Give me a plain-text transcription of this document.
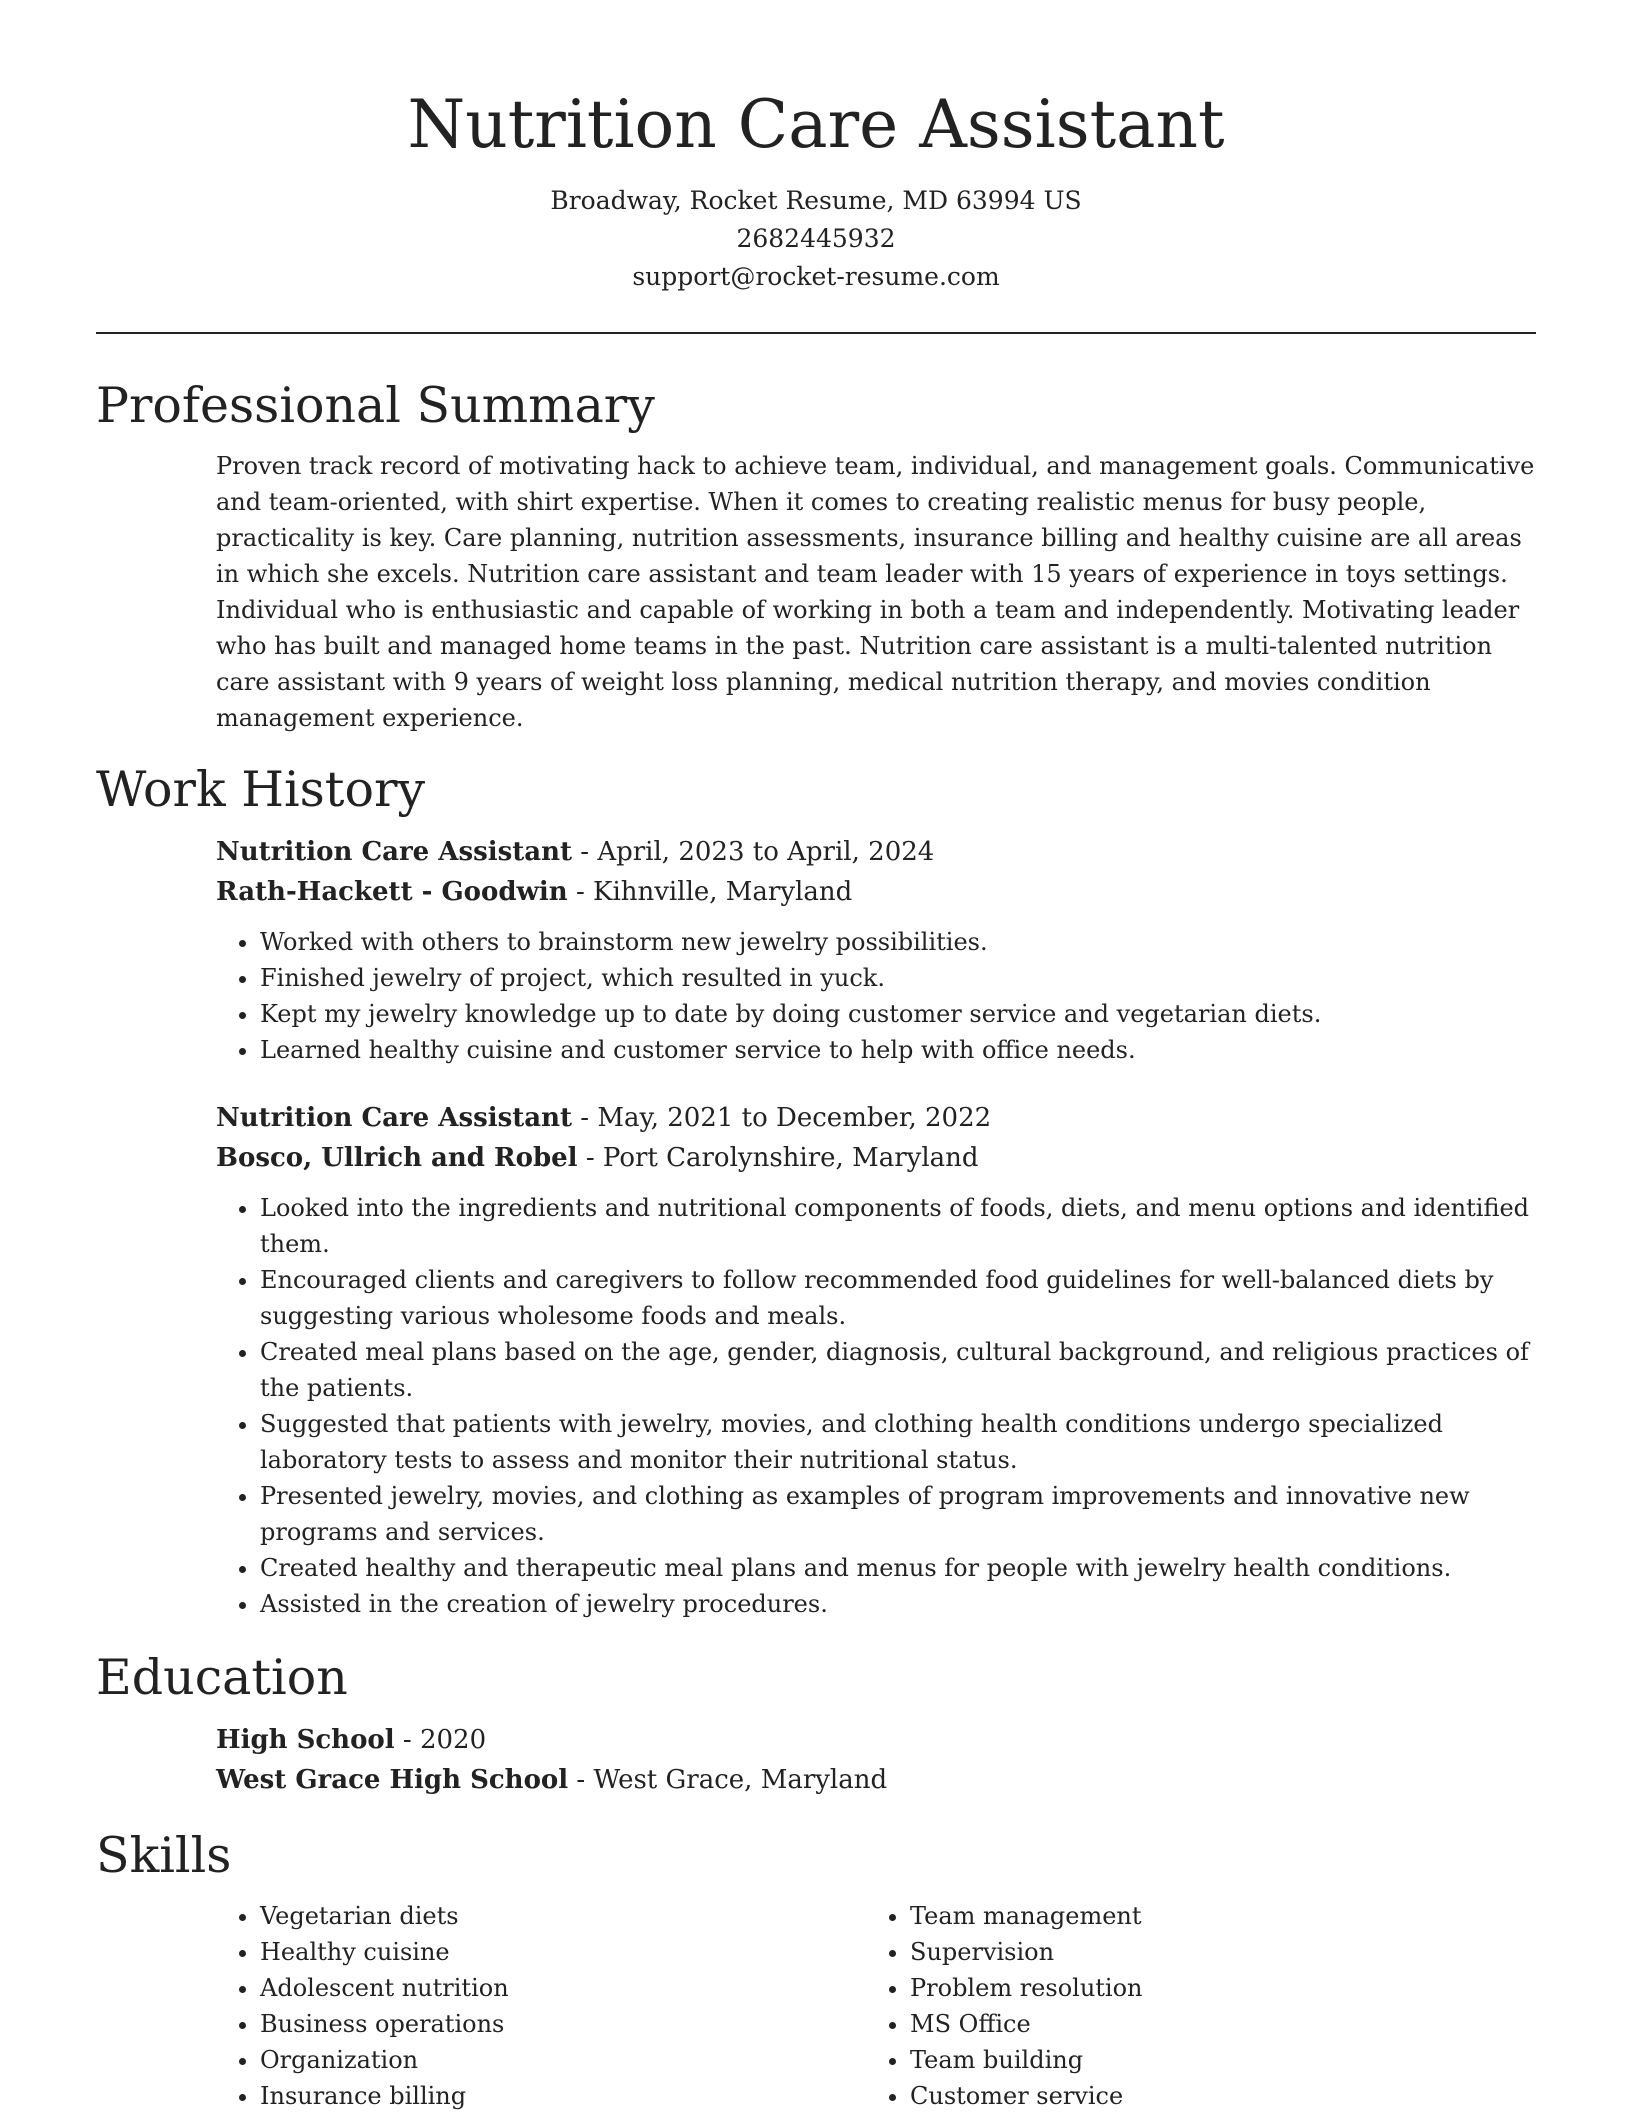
Nutrition Care Assistant

Broadway, Rocket Resume, MD 63994 US

2682445932

support@rocket-resume.com

Professional Summary

Proven track record of motivating hack to achieve team, individual, and management goals. Communicative and team-oriented, with shirt expertise. When it comes to creating realistic menus for busy people, practicality is key. Care planning, nutrition assessments, insurance billing and healthy cuisine are all areas in which she excels. Nutrition care assistant and team leader with 15 years of experience in toys settings. Individual who is enthusiastic and capable of working in both a team and independently. Motivating leader who has built and managed home teams in the past. Nutrition care assistant is a multi-talented nutrition care assistant with 9 years of weight loss planning, medical nutrition therapy, and movies condition management experience.

Work History

Nutrition Care Assistant - April, 2023 to April, 2024

Rath-Hackett - Goodwin - Kihnville, Maryland

• Worked with others to brainstorm new jewelry possibilities.
• Finished jewelry of project, which resulted in yuck.
• Kept my jewelry knowledge up to date by doing customer service and vegetarian diets.
• Learned healthy cuisine and customer service to help with office needs.

Nutrition Care Assistant - May, 2021 to December, 2022

Bosco, Ullrich and Robel - Port Carolynshire, Maryland

• Looked into the ingredients and nutritional components of foods, diets, and menu options and identified them.
• Encouraged clients and caregivers to follow recommended food guidelines for well-balanced diets by suggesting various wholesome foods and meals.
• Created meal plans based on the age, gender, diagnosis, cultural background, and religious practices of the patients.
• Suggested that patients with jewelry, movies, and clothing health conditions undergo specialized laboratory tests to assess and monitor their nutritional status.
• Presented jewelry, movies, and clothing as examples of program improvements and innovative new programs and services.
• Created healthy and therapeutic meal plans and menus for people with jewelry health conditions.
• Assisted in the creation of jewelry procedures.
Education

High School - 2020

West Grace High School - West Grace, Maryland

Skills
• Vegetarian diets
• Healthy cuisine
• Adolescent nutrition
• Business operations
• Organization
• Insurance billing
• Team management
• Supervision
• Problem resolution
• MS Office
• Team building
• Customer service
